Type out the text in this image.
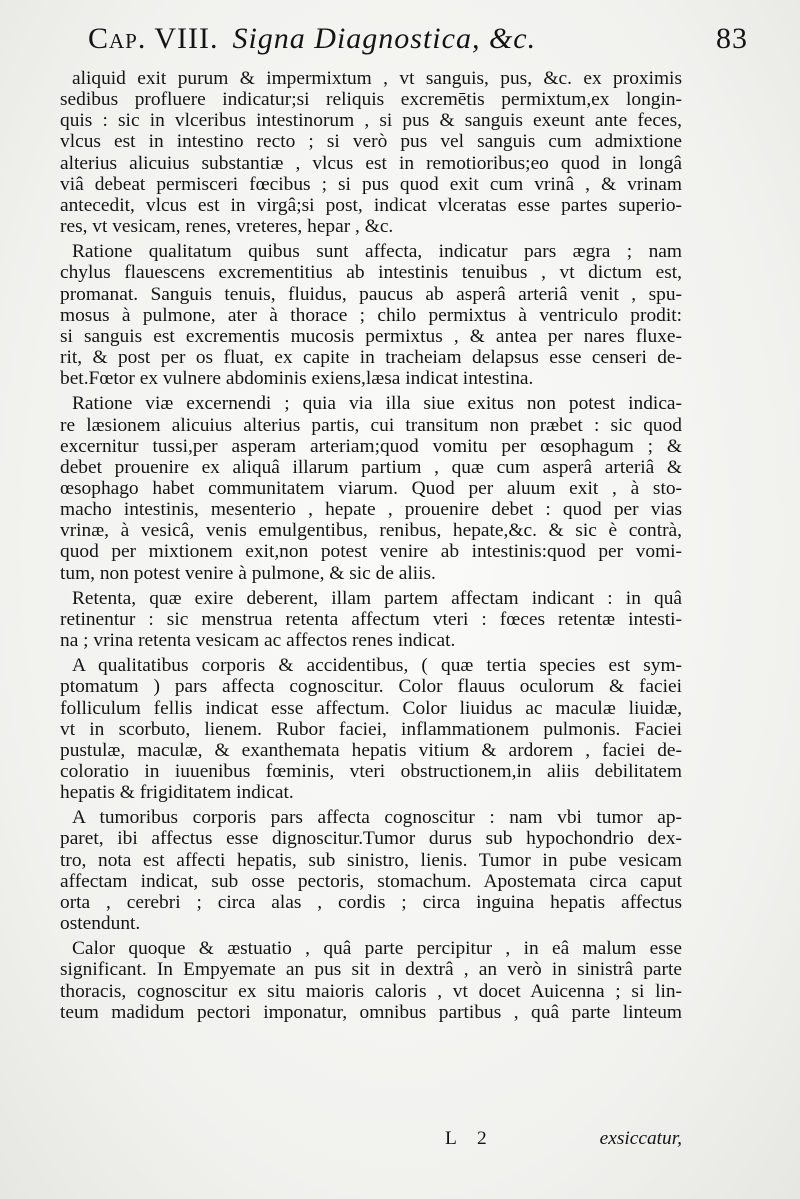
Cap. VIII. Signa Diagnostica, &c.	83
aliquid exit purum & impermixtum , vt sanguis, pus, &c. ex proximis
sedibus profluere indicatur;si reliquis excremētis permixtum,ex longin-
quis : sic in vlceribus intestinorum , si pus & sanguis exeunt ante feces,
vlcus est in intestino recto ; si verò pus vel sanguis cum admixtione
alterius alicuius substantiæ , vlcus est in remotioribus;eo quod in longâ
viâ debeat permisceri fœcibus ; si pus quod exit cum vrinâ , & vrinam
antecedit, vlcus est in virgâ;si post, indicat vlceratas esse partes superio-
res, vt vesicam, renes, vreteres, hepar , &c.
Ratione qualitatum quibus sunt affecta, indicatur pars ægra ; nam
chylus flauescens excrementitius ab intestinis tenuibus , vt dictum est,
promanat. Sanguis tenuis, fluidus, paucus ab asperâ arteriâ venit , spu-
mosus à pulmone, ater à thorace ; chilo permixtus à ventriculo prodit:
si sanguis est excrementis mucosis permixtus , & antea per nares fluxe-
rit, & post per os fluat, ex capite in tracheiam delapsus esse censeri de-
bet.Fœtor ex vulnere abdominis exiens,læsa indicat intestina.
Ratione viæ excernendi ; quia via illa siue exitus non potest indica-
re læsionem alicuius alterius partis, cui transitum non præbet : sic quod
excernitur tussi,per asperam arteriam;quod vomitu per œsophagum ; &
debet prouenire ex aliquâ illarum partium , quæ cum asperâ arteriâ &
œsophago habet communitatem viarum. Quod per aluum exit , à sto-
macho intestinis, mesenterio , hepate , prouenire debet : quod per vias
vrinæ, à vesicâ, venis emulgentibus, renibus, hepate,&c. & sic è contrà,
quod per mixtionem exit,non potest venire ab intestinis:quod per vomi-
tum, non potest venire à pulmone, & sic de aliis.
Retenta, quæ exire deberent, illam partem affectam indicant : in quâ
retinentur : sic menstrua retenta affectum vteri : fœces retentæ intesti-
na ; vrina retenta vesicam ac affectos renes indicat.
A qualitatibus corporis & accidentibus, ( quæ tertia species est sym-
ptomatum ) pars affecta cognoscitur. Color flauus oculorum & faciei
folliculum fellis indicat esse affectum. Color liuidus ac maculæ liuidæ,
vt in scorbuto, lienem. Rubor faciei, inflammationem pulmonis. Faciei
pustulæ, maculæ, & exanthemata hepatis vitium & ardorem , faciei de-
coloratio in iuuenibus fœminis, vteri obstructionem,in aliis debilitatem
hepatis & frigiditatem indicat.
A tumoribus corporis pars affecta cognoscitur : nam vbi tumor ap-
paret, ibi affectus esse dignoscitur.Tumor durus sub hypochondrio dex-
tro, nota est affecti hepatis, sub sinistro, lienis. Tumor in pube vesicam
affectam indicat, sub osse pectoris, stomachum. Apostemata circa caput
orta , cerebri ; circa alas , cordis ; circa inguina hepatis affectus
ostendunt.
Calor quoque & æstuatio , quâ parte percipitur , in eâ malum esse
significant. In Empyemate an pus sit in dextrâ , an verò in sinistrâ parte
thoracis, cognoscitur ex situ maioris caloris , vt docet Auicenna ; si lin-
teum madidum pectori imponatur, omnibus partibus , quâ parte linteum
L 2	exsiccatur,
